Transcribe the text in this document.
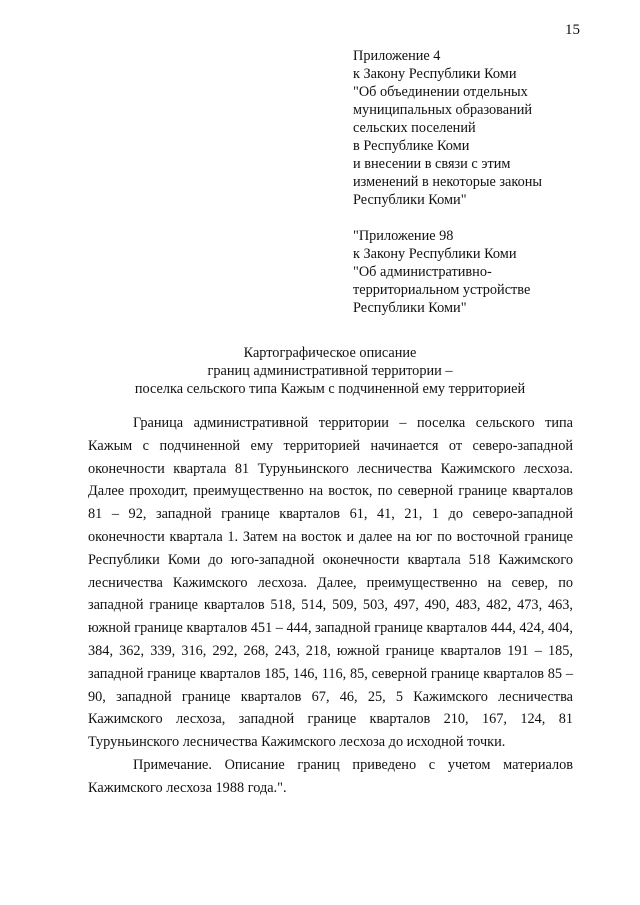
15
Приложение 4
к Закону Республики Коми
"Об объединении отдельных
муниципальных образований
сельских поселений
в Республике Коми
и внесении в связи с этим
изменений в некоторые законы
Республики Коми"
"Приложение 98
к Закону Республики Коми
"Об административно-
территориальном устройстве
Республики Коми"
Картографическое описание
границ административной территории –
поселка сельского типа Кажым с подчиненной ему территорией

Граница административной территории – поселка сельского типа Кажым с подчиненной ему территорией начинается от северо-западной оконечности квартала 81 Туруньинского лесничества Кажимского лесхоза. Далее проходит, преимущественно на восток, по северной границе кварталов 81 – 92, западной границе кварталов 61, 41, 21, 1 до северо-западной оконечности квартала 1. Затем на восток и далее на юг по восточной границе Республики Коми до юго-западной оконечности квартала 518 Кажимского лесничества Кажимского лесхоза. Далее, преимущественно на север, по западной границе кварталов 518, 514, 509, 503, 497, 490, 483, 482, 473, 463, южной границе кварталов 451 – 444, западной границе кварталов 444, 424, 404, 384, 362, 339, 316, 292, 268, 243, 218, южной границе кварталов 191 – 185, западной границе кварталов 185, 146, 116, 85, северной границе кварталов 85 – 90, западной границе кварталов 67, 46, 25, 5 Кажимского лесничества Кажимского лесхоза, западной границе кварталов 210, 167, 124, 81 Туруньинского лесничества Кажимского лесхоза до исходной точки.

Примечание. Описание границ приведено с учетом материалов Кажимского лесхоза 1988 года.".
